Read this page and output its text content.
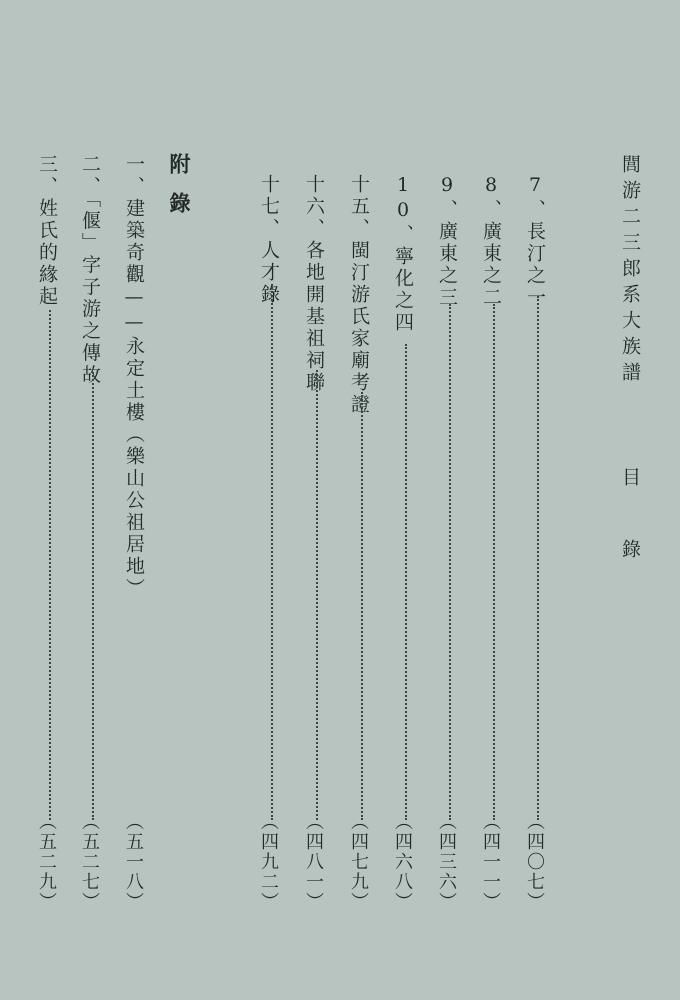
閭游二三郎系大族譜
目
錄
7、長汀之一
（四〇七）
8、廣東之二
（四一一）
9、廣東之三
（四三六）
10、寧化之四
（四六八）
十五、閩汀游氏家廟考證
（四七九）
十六、各地開基祖祠聯
（四八一）
十七、人才錄
（四九二）
附錄
一、建築奇觀——永定土樓（樂山公祖居地）
（五一八）
二、「偃」字子游之傳故
（五二七）
三、姓氏的緣起
（五二九）
